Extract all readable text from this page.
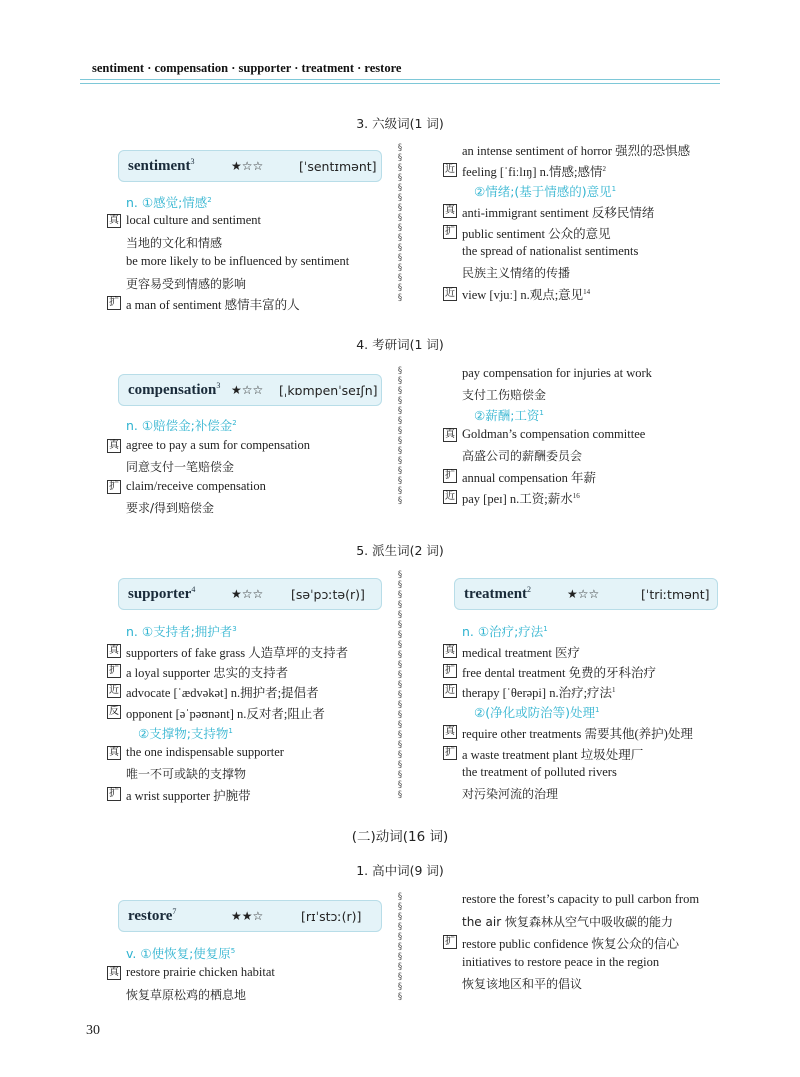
sentiment · compensation · supporter · treatment · restore
3. 六级词(1 词)
sentiment$^3$	★☆☆	[ˈsentɪmənt]
n. ①感觉;情感$^2$
真 local culture and sentiment
当地的文化和情感
be more likely to be influenced by sentiment
更容易受到情感的影响
扩 a man of sentiment 感情丰富的人
§
§
§
§
§
§
§
§
§
§
§
§
§
§
§
§
an intense sentiment of horror 强烈的恐惧感
近 feeling [ˈfiːlɪŋ] n.情感;感情$^2$
②情绪;(基于情感的)意见$^1$
真 anti-immigrant sentiment 反移民情绪
扩 public sentiment 公众的意见
the spread of nationalist sentiments
民族主义情绪的传播
近 view [vjuː] n.观点;意见$^{14}$
4. 考研词(1 词)
compensation$^3$ ★☆☆ [ˌkɒmpenˈseɪʃn]
n. ①赔偿金;补偿金$^2$
真 agree to pay a sum for compensation
同意支付一笔赔偿金
扩 claim/receive compensation
要求/得到赔偿金
§
§
§
§
§
§
§
§
§
§
§
§
§
§
pay compensation for injuries at work
支付工伤赔偿金
②薪酬;工资$^1$
真 Goldman’s compensation committee
高盛公司的薪酬委员会
扩 annual compensation 年薪
近 pay [peɪ] n.工资;薪水$^{16}$
5. 派生词(2 词)
supporter$^4$	★☆☆ [səˈpɔːtə(r)]
n. ①支持者;拥护者$^3$
真 supporters of fake grass 人造草坪的支持者
扩 a loyal supporter 忠实的支持者
近 advocate [ˈædvəkət] n.拥护者;提倡者
反 opponent [əˈpəʊnənt] n.反对者;阻止者
②支撑物;支持物$^1$
真 the one indispensable supporter
唯一不可或缺的支撑物
扩 a wrist supporter 护腕带
§
§
§
§
§
§
§
§
§
§
§
§
§
§
§
§
§
§
§
§
§
§
§
treatment$^2$	★☆☆	[ˈtriːtmənt]
n. ①治疗;疗法$^1$
真 medical treatment 医疗
扩 free dental treatment 免费的牙科治疗
近 therapy [ˈθerəpi] n.治疗;疗法$^1$
②(净化或防治等)处理$^1$
真 require other treatments 需要其他(养护)处理
扩 a waste treatment plant 垃圾处理厂
the treatment of polluted rivers
对污染河流的治理
(二)动词(16 词)
1. 高中词(9 词)
restore$^7$	★★☆	[rɪˈstɔː(r)]
v. ①使恢复;使复原$^5$
真 restore prairie chicken habitat
恢复草原松鸡的栖息地
§
§
§
§
§
§
§
§
§
§
§
restore the forest’s capacity to pull carbon from
the air 恢复森林从空气中吸收碳的能力
扩 restore public confidence 恢复公众的信心
initiatives to restore peace in the region
恢复该地区和平的倡议
30
